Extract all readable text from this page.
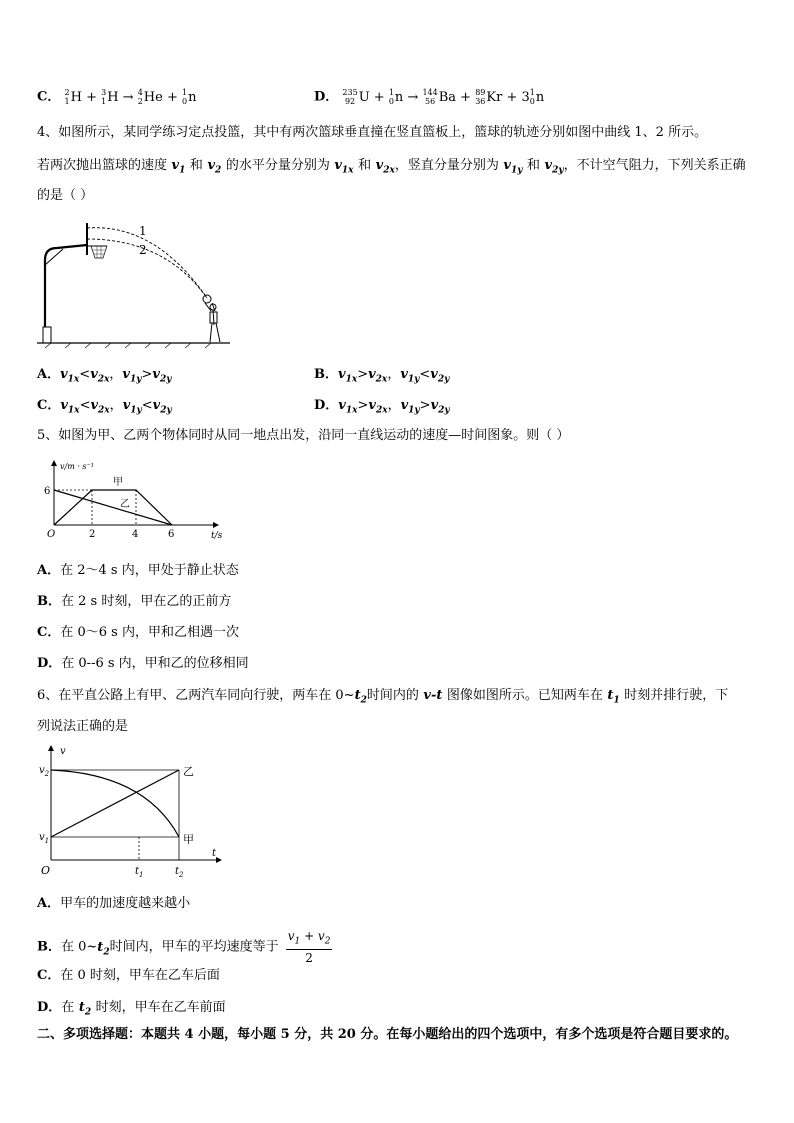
C． 2
1H + 3
1H → 4
2He + 1
0n	D． 235
92 U + 1
0n → 144
56 Ba + 89
36Kr + 31
0n
4、如图所示，某同学练习定点投篮，其中有两次篮球垂直撞在竖直篮板上，篮球的轨迹分别如图中曲线 1、2 所示。
若两次抛出篮球的速度 $v_1$ 和 $v_2$ 的水平分量分别为 $v_{1x}$ 和 $v_{2x}$，竖直分量分别为 $v_{1y}$ 和 $v_{2y}$，不计空气阻力，下列关系正确
的是（ ）
1
2
A．$v_{1x}<v_{2x}$，$v_{1y}>v_{2y}$	B．$v_{1x}>v_{2x}$，$v_{1y}<v_{2y}$
C．$v_{1x}<v_{2x}$，$v_{1y}<v_{2y}$	D．$v_{1x}>v_{2x}$，$v_{1y}>v_{2y}$
5、如图为甲、乙两个物体同时从同一地点出发，沿同一直线运动的速度—时间图象。则（ ）
v/m · s⁻¹
t/s
O
6
2	4	6
甲
乙
A．在 2～4 s 内，甲处于静止状态
B．在 2 s 时刻，甲在乙的正前方
C．在 0～6 s 内，甲和乙相遇一次
D．在 0--6 s 内，甲和乙的位移相同
6、在平直公路上有甲、乙两汽车同向行驶，两车在 $0\sim t_2$时间内的 v-t 图像如图所示。已知两车在 $t_1$ 时刻并排行驶，下
列说法正确的是
v
t
O
$v_2$
$v_1$
$t_1$	$t_2$
乙
甲
A．甲车的加速度越来越小
B．在 $0\sim t_2$时间内，甲车的平均速度等于 $\frac{v_1 + v_2}{2}$
C．在 0 时刻，甲车在乙车后面
D．在 $t_2$ 时刻，甲车在乙车前面
二、多项选择题：本题共 4 小题，每小题 5 分，共 20 分。在每小题给出的四个选项中，有多个选项是符合题目要求的。
